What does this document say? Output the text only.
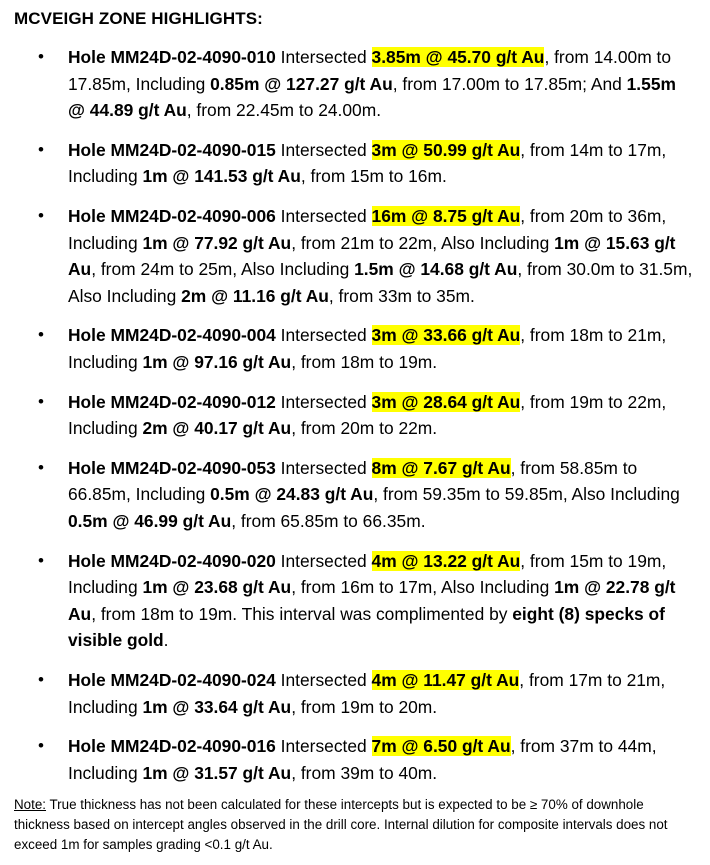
MCVEIGH ZONE HIGHLIGHTS:
• Hole MM24D-02-4090-010 Intersected 3.85m @ 45.70 g/t Au, from 14.00m to 17.85m, Including 0.85m @ 127.27 g/t Au, from 17.00m to 17.85m; And 1.55m @ 44.89 g/t Au, from 22.45m to 24.00m.
• Hole MM24D-02-4090-015 Intersected 3m @ 50.99 g/t Au, from 14m to 17m, Including 1m @ 141.53 g/t Au, from 15m to 16m.
• Hole MM24D-02-4090-006 Intersected 16m @ 8.75 g/t Au, from 20m to 36m, Including 1m @ 77.92 g/t Au, from 21m to 22m, Also Including 1m @ 15.63 g/t Au, from 24m to 25m, Also Including 1.5m @ 14.68 g/t Au, from 30.0m to 31.5m, Also Including 2m @ 11.16 g/t Au, from 33m to 35m.
• Hole MM24D-02-4090-004 Intersected 3m @ 33.66 g/t Au, from 18m to 21m, Including 1m @ 97.16 g/t Au, from 18m to 19m.
• Hole MM24D-02-4090-012 Intersected 3m @ 28.64 g/t Au, from 19m to 22m, Including 2m @ 40.17 g/t Au, from 20m to 22m.
• Hole MM24D-02-4090-053 Intersected 8m @ 7.67 g/t Au, from 58.85m to 66.85m, Including 0.5m @ 24.83 g/t Au, from 59.35m to 59.85m, Also Including 0.5m @ 46.99 g/t Au, from 65.85m to 66.35m.
• Hole MM24D-02-4090-020 Intersected 4m @ 13.22 g/t Au, from 15m to 19m, Including 1m @ 23.68 g/t Au, from 16m to 17m, Also Including 1m @ 22.78 g/t Au, from 18m to 19m. This interval was complimented by eight (8) specks of visible gold.
• Hole MM24D-02-4090-024 Intersected 4m @ 11.47 g/t Au, from 17m to 21m, Including 1m @ 33.64 g/t Au, from 19m to 20m.
• Hole MM24D-02-4090-016 Intersected 7m @ 6.50 g/t Au, from 37m to 44m, Including 1m @ 31.57 g/t Au, from 39m to 40m.
Note: True thickness has not been calculated for these intercepts but is expected to be ≥ 70% of downhole thickness based on intercept angles observed in the drill core. Internal dilution for composite intervals does not exceed 1m for samples grading <0.1 g/t Au.
